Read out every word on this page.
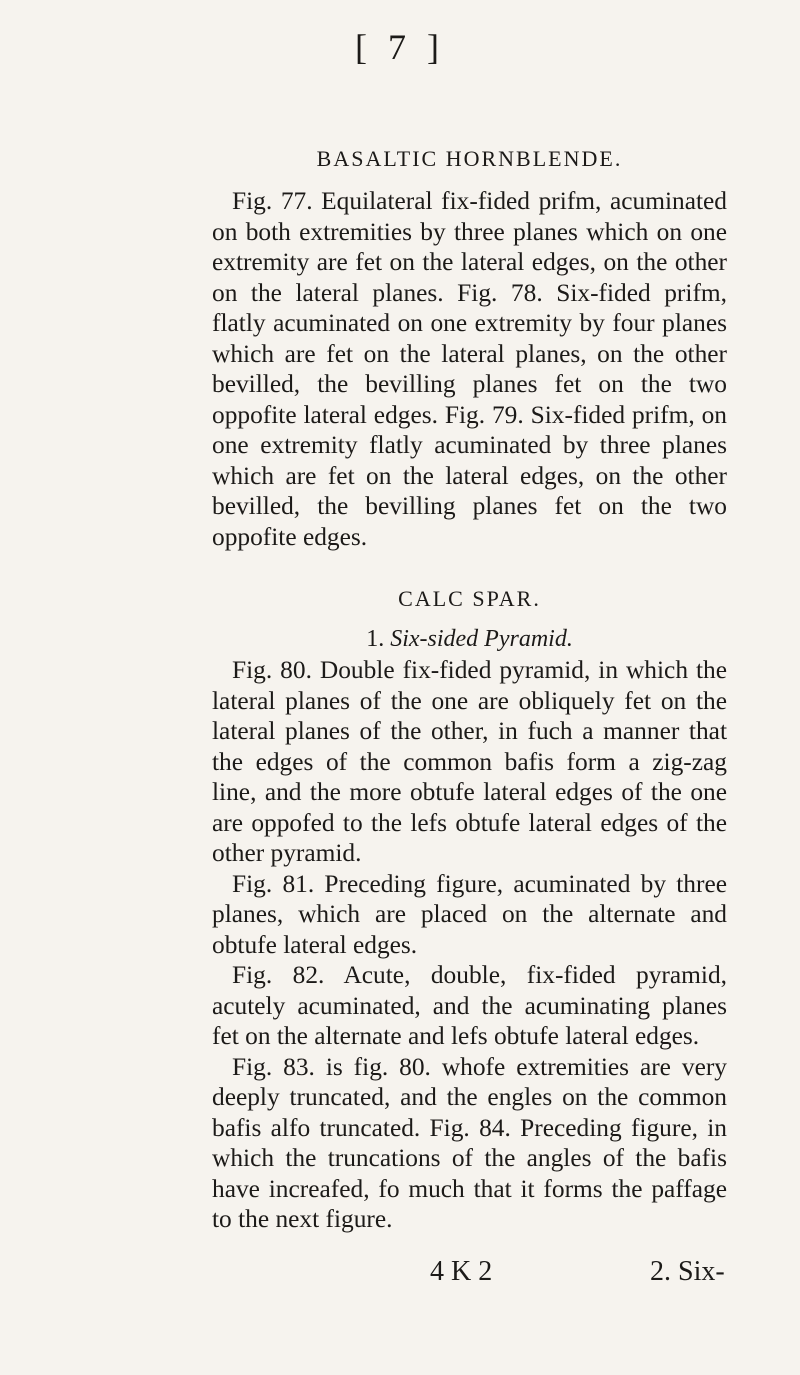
[ 7 ]
BASALTIC HORNBLENDE.

Fig. 77. Equilateral fix-fided prifm, acuminated on both extremities by three planes which on one extremity are fet on the lateral edges, on the other on the lateral planes. Fig. 78. Six-fided prifm, flatly acuminated on one extremity by four planes which are fet on the lateral planes, on the other bevilled, the bevilling planes fet on the two oppofite lateral edges. Fig. 79. Six-fided prifm, on one extremity flatly acuminated by three planes which are fet on the lateral edges, on the other bevilled, the bevilling planes fet on the two oppofite edges.

CALC SPAR.
1. Six-sided Pyramid.

Fig. 80. Double fix-fided pyramid, in which the lateral planes of the one are obliquely fet on the lateral planes of the other, in fuch a manner that the edges of the common bafis form a zig-zag line, and the more obtufe lateral edges of the one are oppofed to the lefs obtufe lateral edges of the other pyramid.

Fig. 81. Preceding figure, acuminated by three planes, which are placed on the alternate and obtufe lateral edges.

Fig. 82. Acute, double, fix-fided pyramid, acutely acuminated, and the acuminating planes fet on the alternate and lefs obtufe lateral edges.

Fig. 83. is fig. 80. whofe extremities are very deeply truncated, and the engles on the common bafis alfo truncated. Fig. 84. Preceding figure, in which the truncations of the angles of the bafis have increafed, fo much that it forms the paffage to the next figure.

4 K 2	2. Six-
